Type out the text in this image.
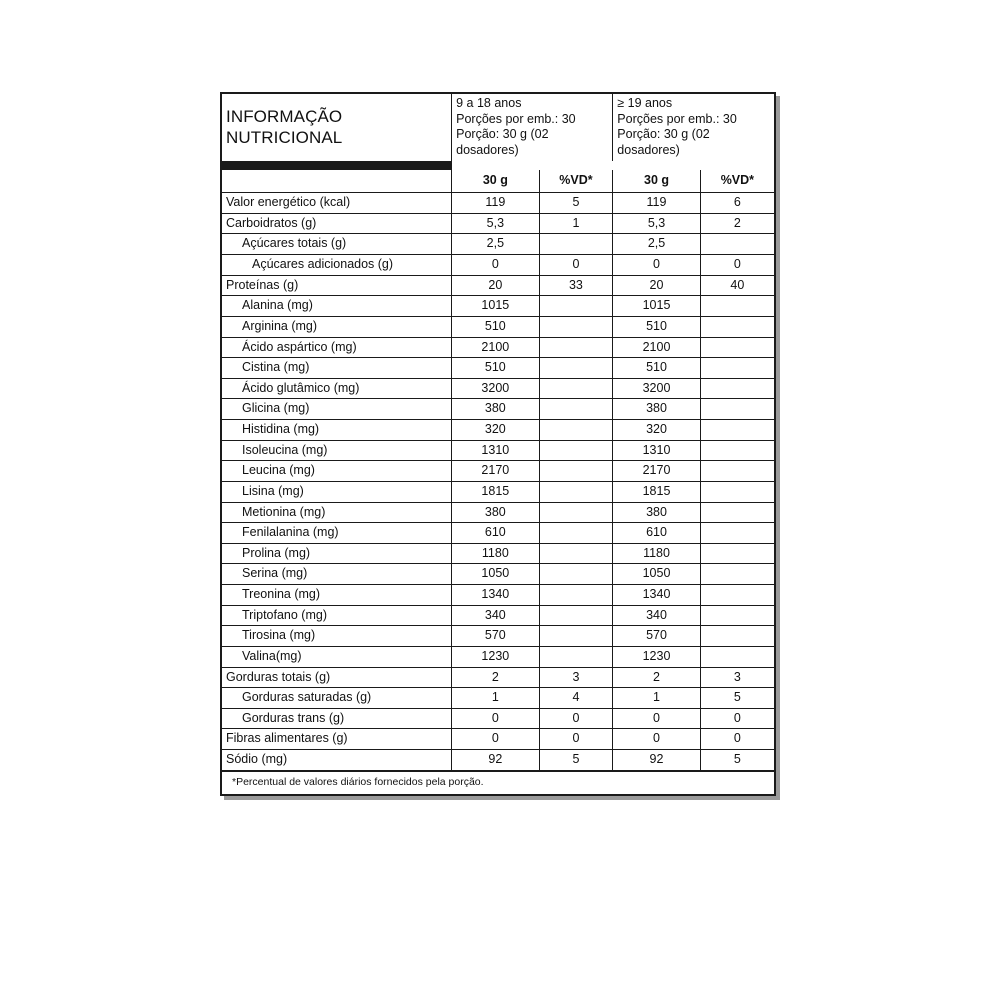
INFORMAÇÃO
NUTRICIONAL	9 a 18 anos
Porções por emb.: 30
Porção: 30 g (02
dosadores)		≥ 19 anos
Porções por emb.: 30
Porção: 30 g (02
dosadores)	

	30 g	%VD*	30 g	%VD*
Valor energético (kcal)	119	5	119	6
Carboidratos (g)	5,3	1	5,3	2
Açúcares totais (g)	2,5		2,5	
Açúcares adicionados (g)	0	0	0	0
Proteínas (g)	20	33	20	40
Alanina (mg)	1015		1015	
Arginina (mg)	510		510	
Ácido aspártico (mg)	2100		2100	
Cistina (mg)	510		510	
Ácido glutâmico (mg)	3200		3200	
Glicina (mg)	380		380	
Histidina (mg)	320		320	
Isoleucina (mg)	1310		1310	
Leucina (mg)	2170		2170	
Lisina (mg)	1815		1815	
Metionina (mg)	380		380	
Fenilalanina (mg)	610		610	
Prolina (mg)	1180		1180	
Serina (mg)	1050		1050	
Treonina (mg)	1340		1340	
Triptofano (mg)	340		340	
Tirosina (mg)	570		570	
Valina(mg)	1230		1230	
Gorduras totais (g)	2	3	2	3
Gorduras saturadas (g)	1	4	1	5
Gorduras trans (g)	0	0	0	0
Fibras alimentares (g)	0	0	0	0
Sódio (mg)	92	5	92	5
*Percentual de valores diários fornecidos pela porção.
